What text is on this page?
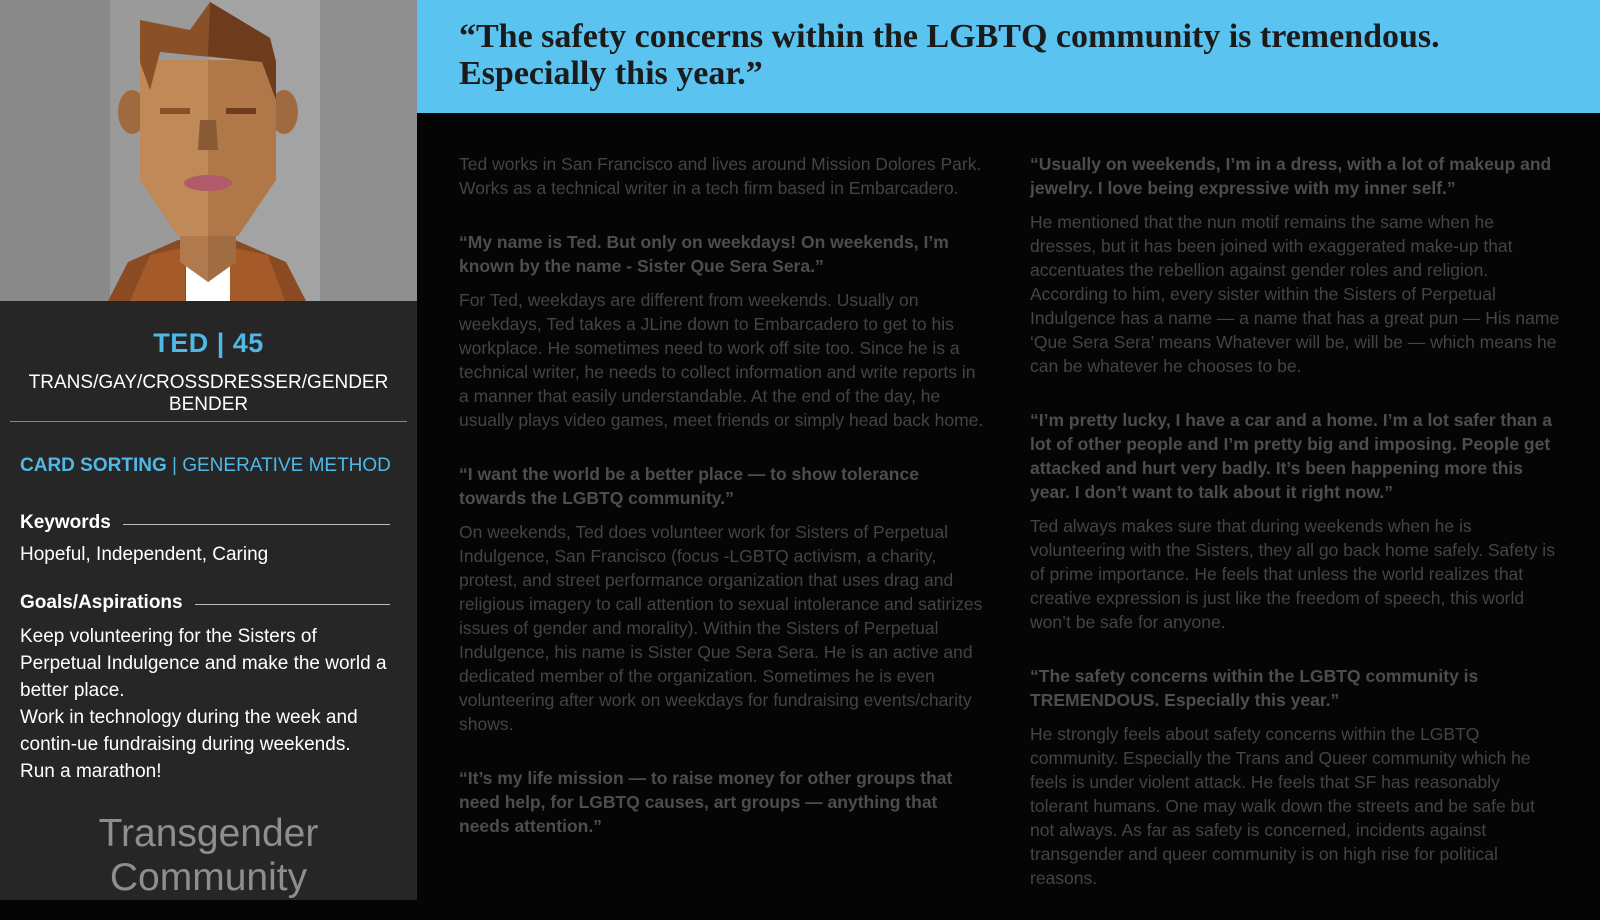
TED | 45
TRANS/GAY/CROSSDRESSER/GENDER BENDER
CARD SORTING | GENERATIVE METHOD
Keywords
Hopeful, Independent, Caring
Goals/Aspirations
Keep volunteering for the Sisters of Perpetual Indulgence and make the world a better place.
Work in technology during the week and contin-ue fundraising during weekends.
Run a marathon!
Transgender Community
“The safety concerns within the LGBTQ community is tremendous.
Especially this year.”

Ted works in San Francisco and lives around Mission Dolores Park. Works as a technical writer in a tech firm based in Embarcadero.

“My name is Ted. But only on weekdays! On weekends, I’m known by the name - Sister Que Sera Sera.”

For Ted, weekdays are different from weekends. Usually on weekdays, Ted takes a JLine down to Embarcadero to get to his workplace. He sometimes need to work off site too. Since he is a technical writer, he needs to collect information and write reports in a manner that easily understandable. At the end of the day, he usually plays video games, meet friends or simply head back home.

“I want the world be a better place — to show tolerance towards the LGBTQ community.”

On weekends, Ted does volunteer work for Sisters of Perpetual Indulgence, San Francisco (focus -LGBTQ activism, a charity, protest, and street performance organization that uses drag and religious imagery to call attention to sexual intolerance and satirizes issues of gender and morality). Within the Sisters of Perpetual Indulgence, his name is Sister Que Sera Sera. He is an active and dedicated member of the organization. Sometimes he is even volunteering after work on weekdays for fundraising events/charity shows.

“It’s my life mission — to raise money for other groups that need help, for LGBTQ causes, art groups — anything that needs attention.”

“Usually on weekends, I’m in a dress, with a lot of makeup and jewelry. I love being expressive with my inner self.”

He mentioned that the nun motif remains the same when he dresses, but it has been joined with exaggerated make-up that accentuates the rebellion against gender roles and religion. According to him, every sister within the Sisters of Perpetual Indulgence has a name — a name that has a great pun — His name ‘Que Sera Sera’ means Whatever will be, will be — which means he can be whatever he chooses to be.

“I’m pretty lucky, I have a car and a home. I’m a lot safer than a lot of other people and I’m pretty big and imposing. People get attacked and hurt very badly. It’s been happening more this year. I don’t want to talk about it right now.”

Ted always makes sure that during weekends when he is volunteering with the Sisters, they all go back home safely. Safety is of prime importance. He feels that unless the world realizes that creative expression is just like the freedom of speech, this world won’t be safe for anyone.

“The safety concerns within the LGBTQ community is TREMENDOUS. Especially this year.”

He strongly feels about safety concerns within the LGBTQ community. Especially the Trans and Queer community which he feels is under violent attack. He feels that SF has reasonably tolerant humans. One may walk down the streets and be safe but not always. As far as safety is concerned, incidents against transgender and queer community is on high rise for political reasons.
